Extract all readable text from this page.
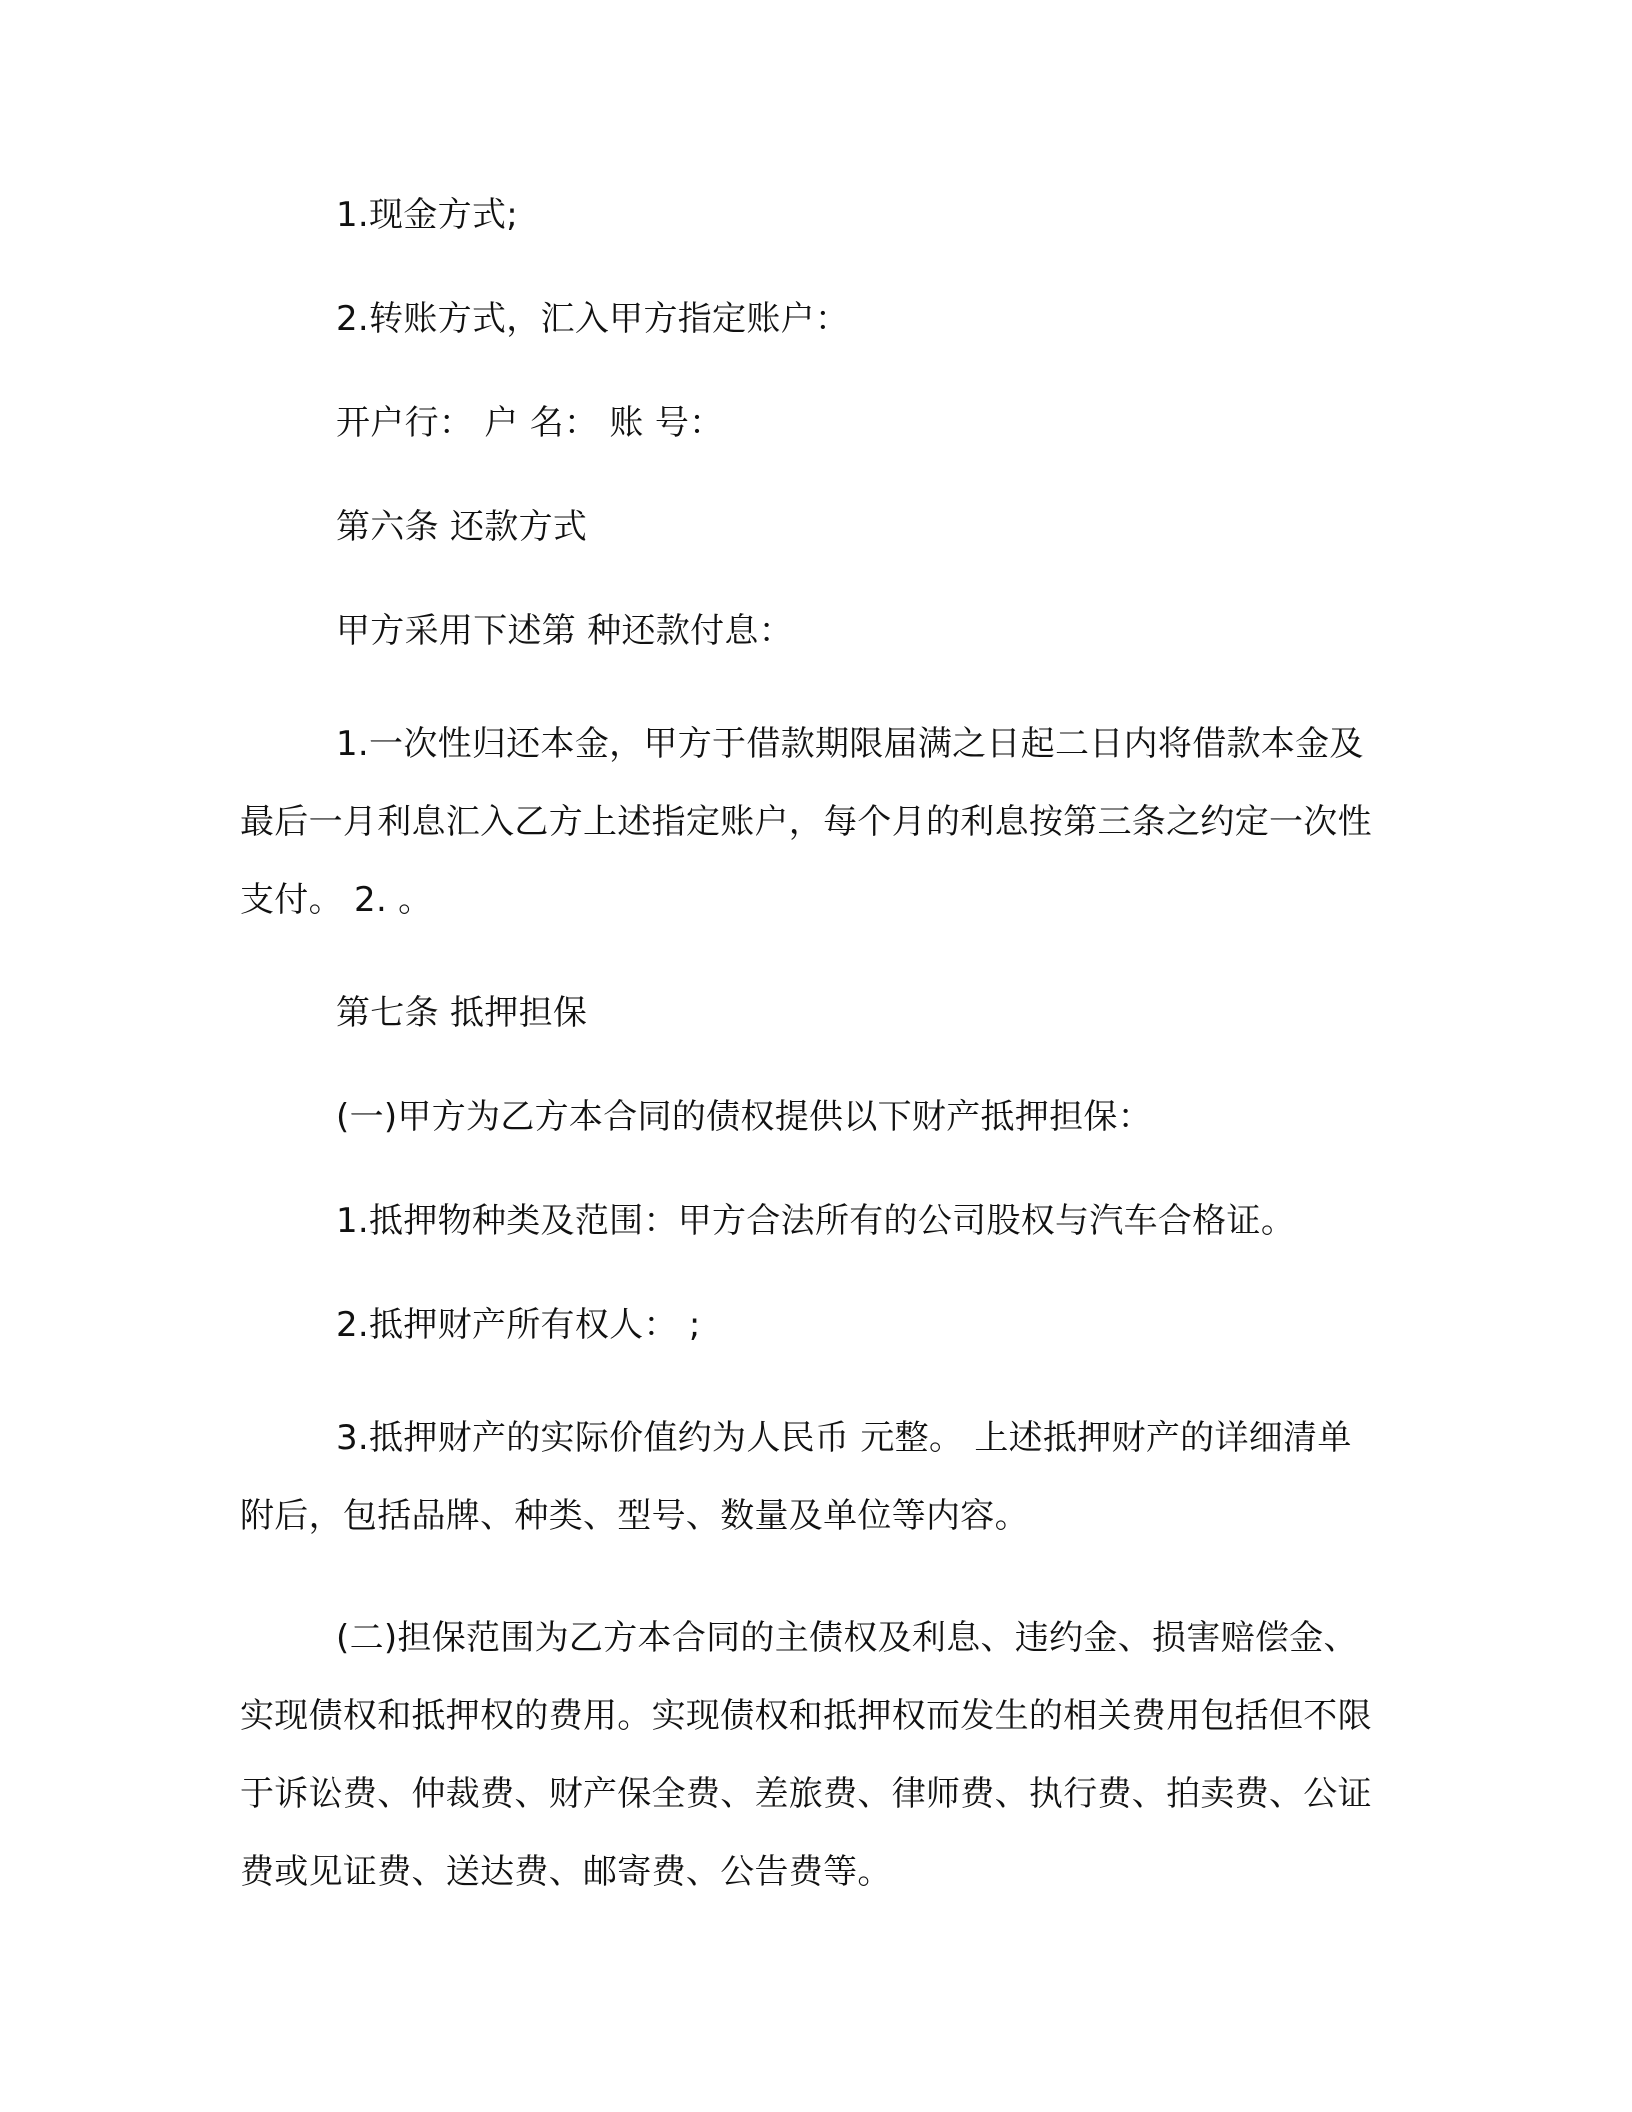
1.现金方式;

2.转账方式，汇入甲方指定账户：

开户行： 户 名： 账 号：

第六条 还款方式

甲方采用下述第 种还款付息：

1.一次性归还本金，甲方于借款期限届满之日起二日内将借款本金及最后一月利息汇入乙方上述指定账户，每个月的利息按第三条之约定一次性支付。 2. 。

第七条 抵押担保

(一)甲方为乙方本合同的债权提供以下财产抵押担保：

1.抵押物种类及范围：甲方合法所有的公司股权与汽车合格证。

2.抵押财产所有权人： ;

3.抵押财产的实际价值约为人民币 元整。 上述抵押财产的详细清单附后，包括品牌、种类、型号、数量及单位等内容。

(二)担保范围为乙方本合同的主债权及利息、违约金、损害赔偿金、实现债权和抵押权的费用。实现债权和抵押权而发生的相关费用包括但不限于诉讼费、仲裁费、财产保全费、差旅费、律师费、执行费、拍卖费、公证费或见证费、送达费、邮寄费、公告费等。
